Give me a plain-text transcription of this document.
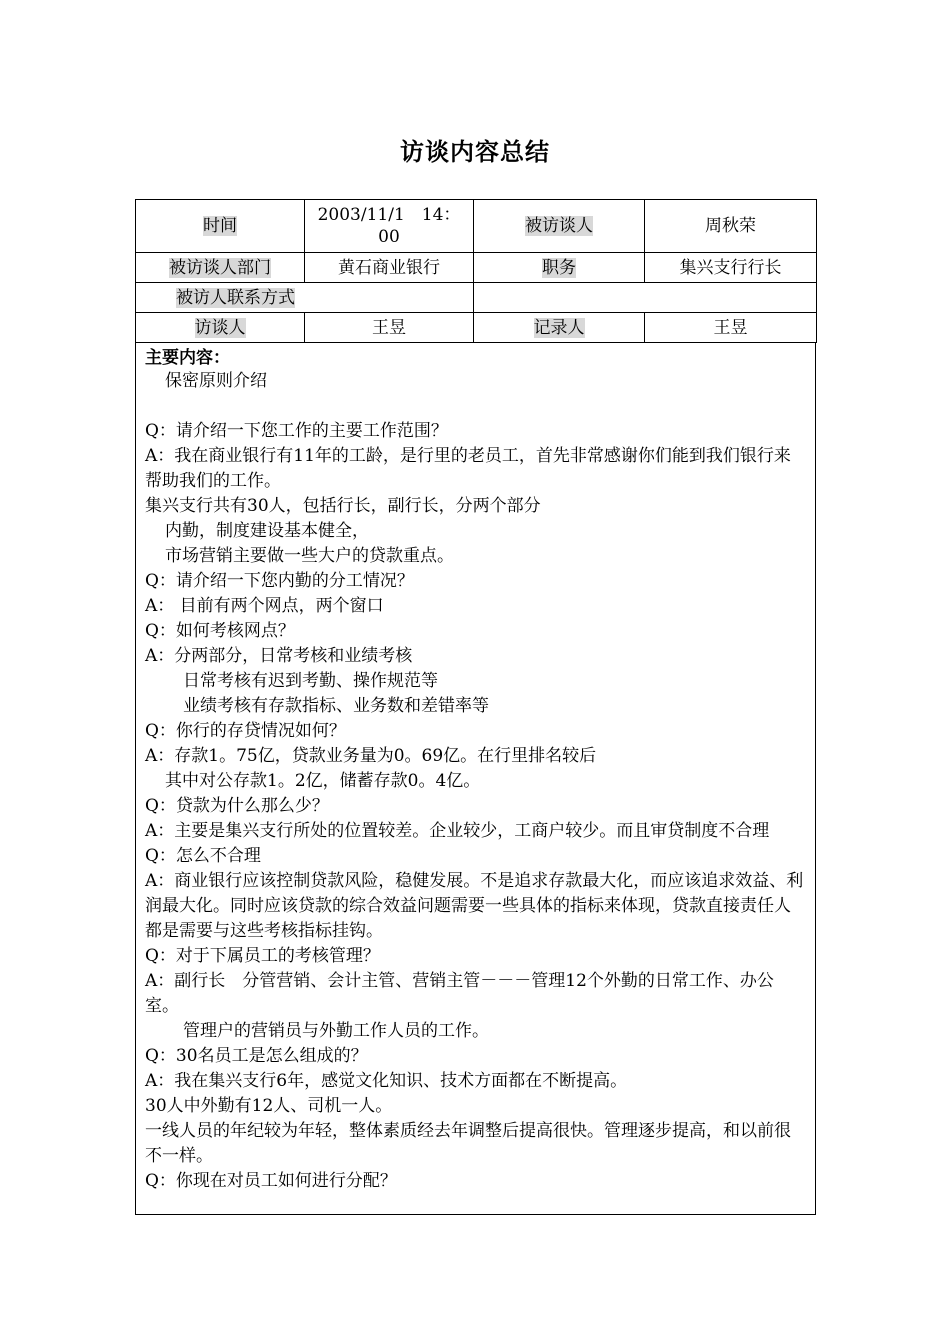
访谈内容总结
时间	2003/11/1　14：00	被访谈人	周秋荣
被访谈人部门	黄石商业银行	职务	集兴支行行长
被访人联系方式			
访谈人	王昱	记录人	王昱

主要内容：

保密原则介绍

Q：请介绍一下您工作的主要工作范围？

A：我在商业银行有11年的工龄，是行里的老员工，首先非常感谢你们能到我们银行来帮助我们的工作。

集兴支行共有30人，包括行长，副行长，分两个部分

内勤，制度建设基本健全，

市场营销主要做一些大户的贷款重点。

Q：请介绍一下您内勤的分工情况？

A： 目前有两个网点，两个窗口

Q：如何考核网点？

A：分两部分，日常考核和业绩考核

日常考核有迟到考勤、操作规范等

业绩考核有存款指标、业务数和差错率等

Q：你行的存贷情况如何？

A：存款1。75亿，贷款业务量为0。69亿。在行里排名较后

其中对公存款1。2亿，储蓄存款0。4亿。

Q：贷款为什么那么少？

A：主要是集兴支行所处的位置较差。企业较少，工商户较少。而且审贷制度不合理

Q：怎么不合理

A：商业银行应该控制贷款风险，稳健发展。不是追求存款最大化，而应该追求效益、利润最大化。同时应该贷款的综合效益问题需要一些具体的指标来体现，贷款直接责任人都是需要与这些考核指标挂钩。

Q：对于下属员工的考核管理？

A：副行长　分管营销、会计主管、营销主管－－－管理12个外勤的日常工作、办公室。

管理户的营销员与外勤工作人员的工作。

Q：30名员工是怎么组成的？

A：我在集兴支行6年，感觉文化知识、技术方面都在不断提高。

30人中外勤有12人、司机一人。

一线人员的年纪较为年轻，整体素质经去年调整后提高很快。管理逐步提高，和以前很不一样。

Q：你现在对员工如何进行分配？
